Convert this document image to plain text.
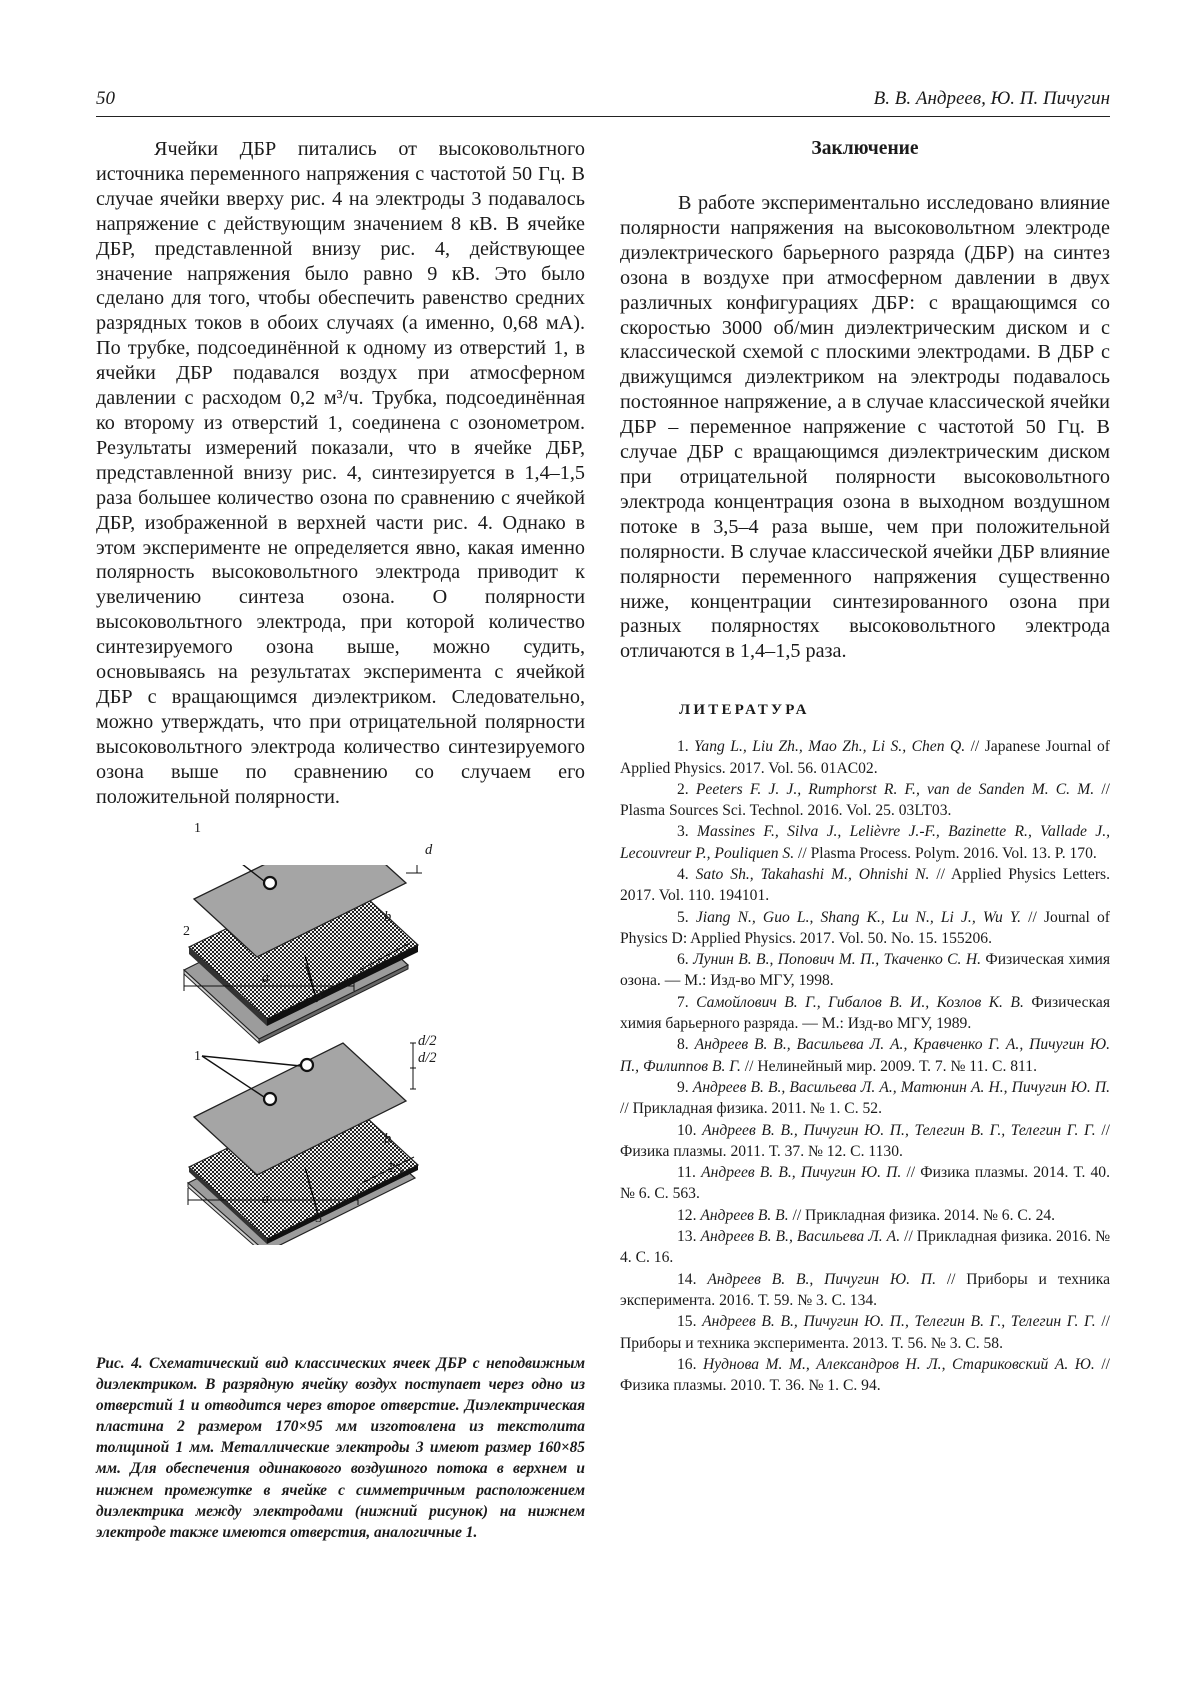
50	В. В. Андреев, Ю. П. Пичугин

Ячейки ДБР питались от высоковольтного источника переменного напряжения с частотой 50 Гц. В случае ячейки вверху рис. 4 на электроды 3 подавалось напряжение с действующим значением 8 кВ. В ячейке ДБР, представленной внизу рис. 4, действующее значение напряжения было равно 9 кВ. Это было сделано для того, чтобы обеспечить равенство средних разрядных токов в обоих случаях (а именно, 0,68 мА). По трубке, подсоединённой к одному из отверстий 1, в ячейки ДБР подавался воздух при атмосферном давлении с расходом 0,2 м³/ч. Трубка, подсоединённая ко второму из отверстий 1, соединена с озонометром. Результаты измерений показали, что в ячейке ДБР, представленной внизу рис. 4, синтезируется в 1,4–1,5 раза большее количество озона по сравнению с ячейкой ДБР, изображенной в верхней части рис. 4. Однако в этом эксперименте не определяется явно, какая именно полярность высоковольтного электрода приводит к увеличению синтеза озона. О полярности высоковольтного электрода, при которой количество синтезируемого озона выше, можно судить, основываясь на результатах эксперимента с ячейкой ДБР с вращающимся диэлектриком. Следовательно, можно утверждать, что при отрицательной полярности высоковольтного электрода количество синтезируемого озона выше по сравнению со случаем его положительной полярности.

1
d
b
2
a
3
1
d/2
d/2
b
2
a
3

Рис. 4. Схематический вид классических ячеек ДБР с неподвижным диэлектриком. В разрядную ячейку воздух поступает через одно из отверстий 1 и отводится через второе отверстие. Диэлектрическая пластина 2 размером 170×95 мм изготовлена из текстолита толщиной 1 мм. Металлические электроды 3 имеют размер 160×85 мм. Для обеспечения одинакового воздушного потока в верхнем и нижнем промежутке в ячейке с симметричным расположением диэлектрика между электродами (нижний рисунок) на нижнем электроде также имеются отверстия, аналогичные 1.

Заключение

В работе экспериментально исследовано влияние полярности напряжения на высоковольтном электроде диэлектрического барьерного разряда (ДБР) на синтез озона в воздухе при атмосферном давлении в двух различных конфигурациях ДБР: с вращающимся со скоростью 3000 об/мин диэлектрическим диском и с классической схемой с плоскими электродами. В ДБР с движущимся диэлектриком на электроды подавалось постоянное напряжение, а в случае классической ячейки ДБР – переменное напряжение с частотой 50 Гц. В случае ДБР с вращающимся диэлектрическим диском при отрицательной полярности высоковольтного электрода концентрация озона в выходном воздушном потоке в 3,5–4 раза выше, чем при положительной полярности. В случае классической ячейки ДБР влияние полярности переменного напряжения существенно ниже, концентрации синтезированного озона при разных полярностях высоковольтного электрода отличаются в 1,4–1,5 раза.

ЛИТЕРАТУРА
1. Yang L., Liu Zh., Mao Zh., Li S., Chen Q. // Japanese Journal of Applied Physics. 2017. Vol. 56. 01AC02.
2. Peeters F. J. J., Rumphorst R. F., van de Sanden M. C. M. // Plasma Sources Sci. Technol. 2016. Vol. 25. 03LT03.
3. Massines F., Silva J., Lelièvre J.-F., Bazinette R., Vallade J., Lecouvreur P., Pouliquen S. // Plasma Process. Polym. 2016. Vol. 13. P. 170.
4. Sato Sh., Takahashi M., Ohnishi N. // Applied Physics Letters. 2017. Vol. 110. 194101.
5. Jiang N., Guo L., Shang K., Lu N., Li J., Wu Y. // Journal of Physics D: Applied Physics. 2017. Vol. 50. No. 15. 155206.
6. Лунин В. В., Попович М. П., Ткаченко С. Н. Физическая химия озона. — М.: Изд-во МГУ, 1998.
7. Самойлович В. Г., Гибалов В. И., Козлов К. В. Физическая химия барьерного разряда. — М.: Изд-во МГУ, 1989.
8. Андреев В. В., Васильева Л. А., Кравченко Г. А., Пичугин Ю. П., Филиппов В. Г. // Нелинейный мир. 2009. Т. 7. № 11. С. 811.
9. Андреев В. В., Васильева Л. А., Матюнин А. Н., Пичугин Ю. П. // Прикладная физика. 2011. № 1. С. 52.
10. Андреев В. В., Пичугин Ю. П., Телегин В. Г., Телегин Г. Г. // Физика плазмы. 2011. Т. 37. № 12. С. 1130.
11. Андреев В. В., Пичугин Ю. П. // Физика плазмы. 2014. Т. 40. № 6. С. 563.
12. Андреев В. В. // Прикладная физика. 2014. № 6. С. 24.
13. Андреев В. В., Васильева Л. А. // Прикладная физика. 2016. № 4. С. 16.
14. Андреев В. В., Пичугин Ю. П. // Приборы и техника эксперимента. 2016. Т. 59. № 3. С. 134.
15. Андреев В. В., Пичугин Ю. П., Телегин В. Г., Телегин Г. Г. // Приборы и техника эксперимента. 2013. Т. 56. № 3. С. 58.
16. Нуднова М. М., Александров Н. Л., Стариковский А. Ю. // Физика плазмы. 2010. Т. 36. № 1. С. 94.
